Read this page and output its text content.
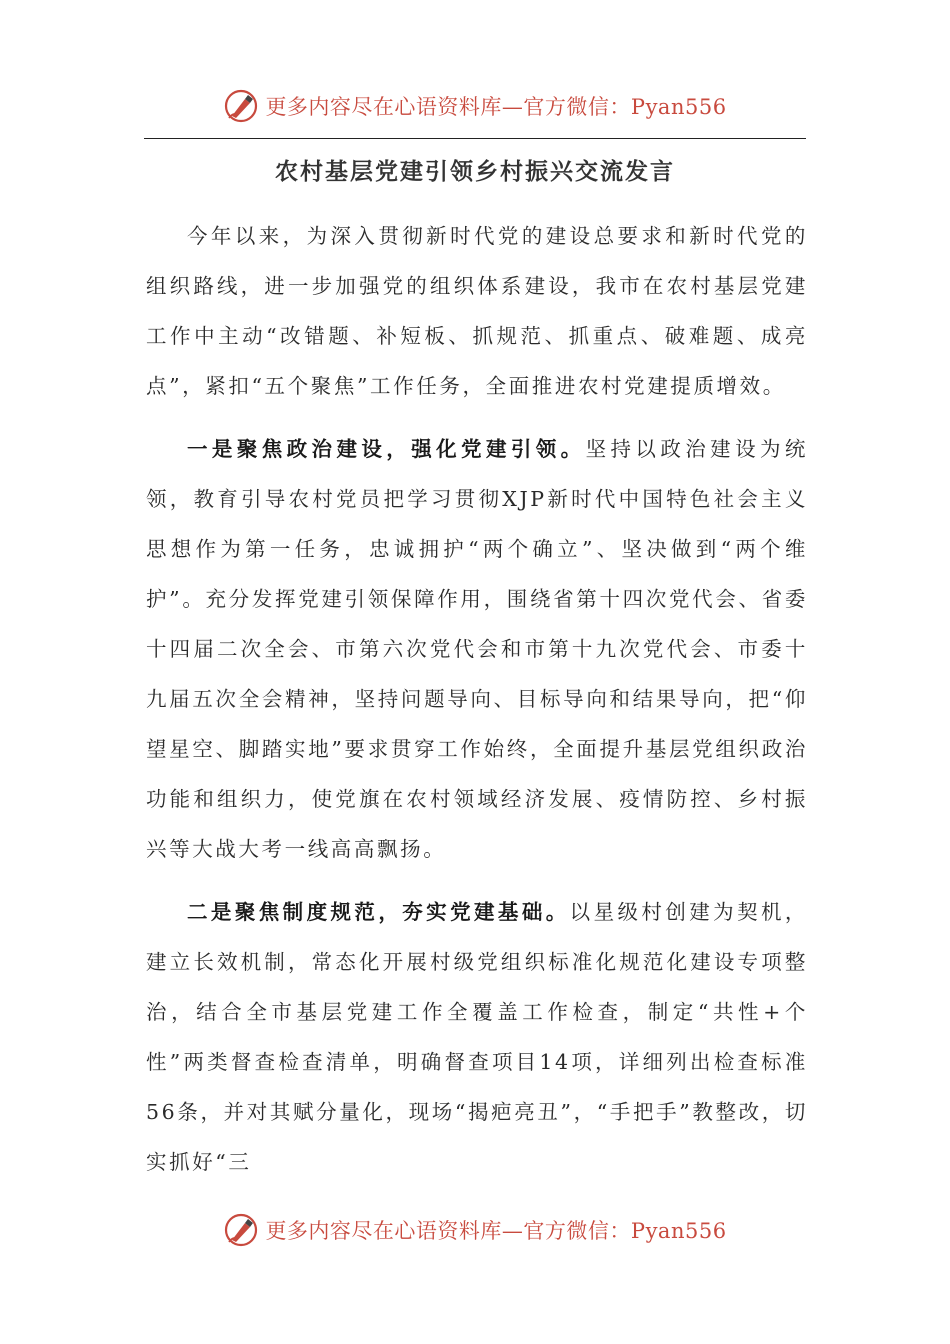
更多内容尽在心语资料库—官方微信：Pyan556
农村基层党建引领乡村振兴交流发言

今年以来，为深入贯彻新时代党的建设总要求和新时代党的组织路线，进一步加强党的组织体系建设，我市在农村基层党建工作中主动“改错题、补短板、抓规范、抓重点、破难题、成亮点”，紧扣“五个聚焦”工作任务，全面推进农村党建提质增效。

一是聚焦政治建设，强化党建引领。坚持以政治建设为统领，教育引导农村党员把学习贯彻XJP新时代中国特色社会主义思想作为第一任务，忠诚拥护“两个确立”、坚决做到“两个维护”。充分发挥党建引领保障作用，围绕省第十四次党代会、省委十四届二次全会、市第六次党代会和市第十九次党代会、市委十九届五次全会精神，坚持问题导向、目标导向和结果导向，把“仰望星空、脚踏实地”要求贯穿工作始终，全面提升基层党组织政治功能和组织力，使党旗在农村领域经济发展、疫情防控、乡村振兴等大战大考一线高高飘扬。

二是聚焦制度规范，夯实党建基础。以星级村创建为契机，建立长效机制，常态化开展村级党组织标准化规范化建设专项整治，结合全市基层党建工作全覆盖工作检查，制定“共性+个性”两类督查检查清单，明确督查项目14项，详细列出检查标准56条，并对其赋分量化，现场“揭疤亮丑”，“手把手”教整改，切实抓好“三

更多内容尽在心语资料库—官方微信：Pyan556
